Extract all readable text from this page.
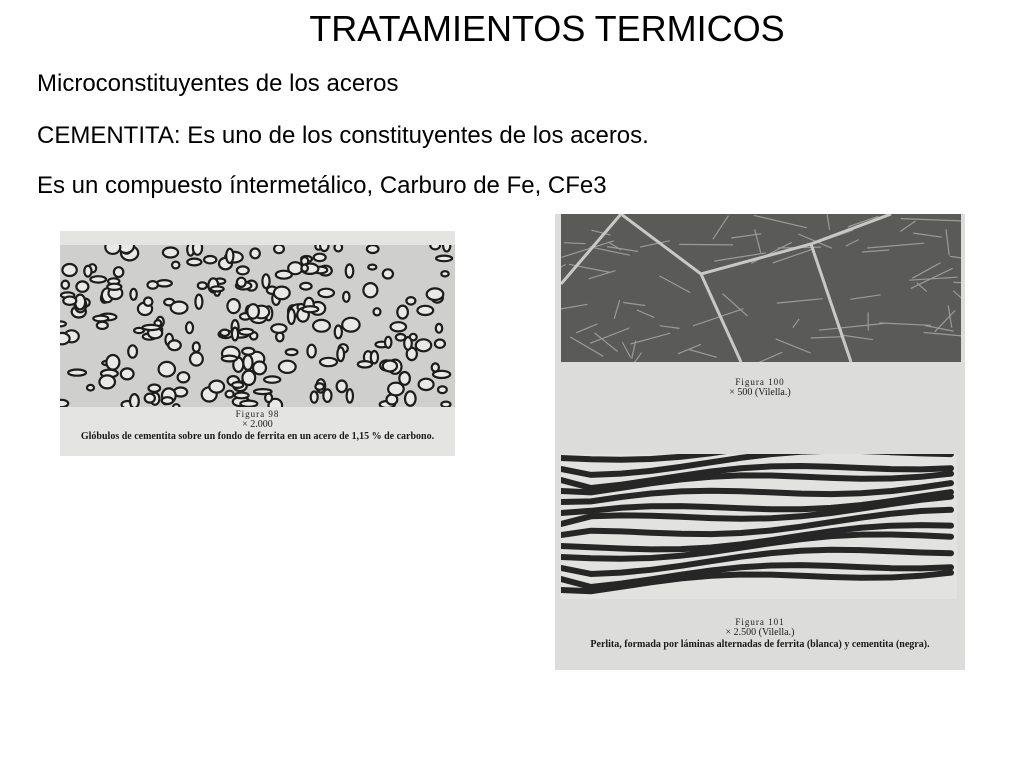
TRATAMIENTOS TERMICOS
Microconstituyentes de los aceros
CEMENTITA: Es uno de los constituyentes de los aceros.
Es un compuesto íntermetálico, Carburo de Fe, CFe3
Figura 98
× 2.000
Glóbulos de cementita sobre un fondo de ferrita en un acero de 1,15 % de carbono.
Figura 100
× 500 (Vilella.)
Figura 101
× 2.500 (Vilella.)
Perlita, formada por láminas alternadas de ferrita (blanca) y cementita (negra).
